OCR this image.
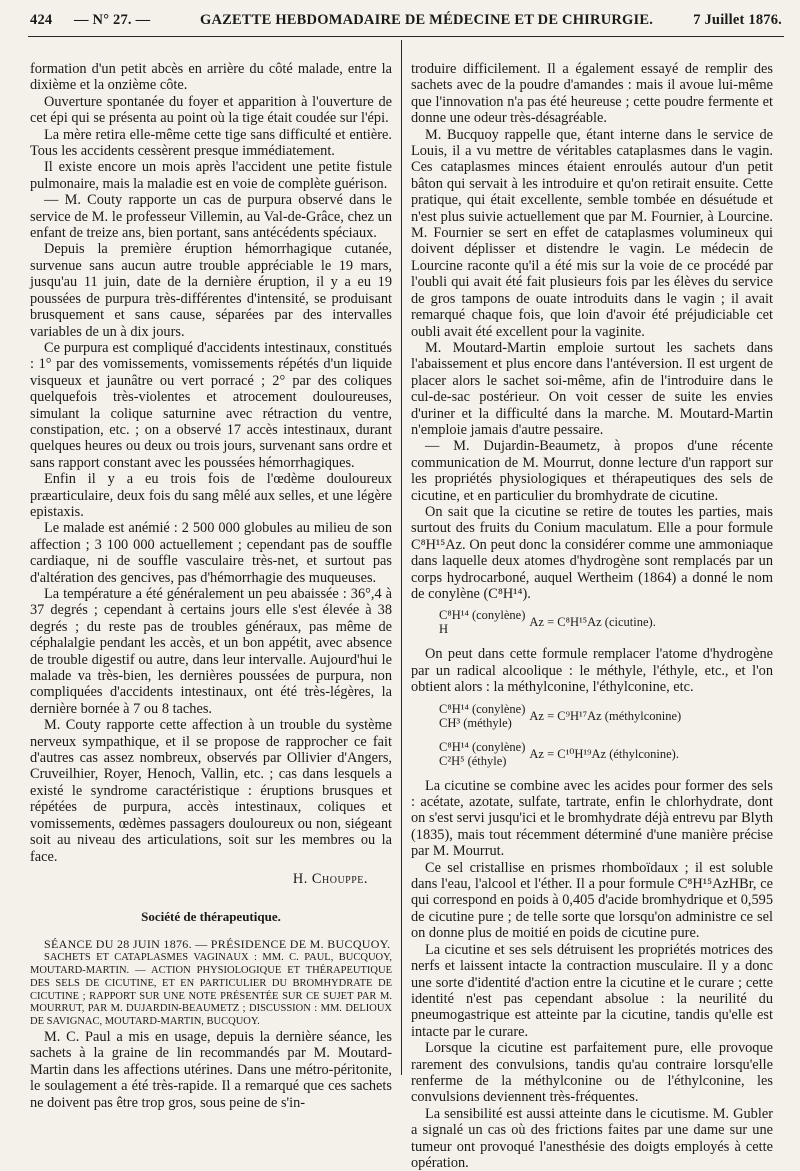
424 — N° 27. —	GAZETTE HEBDOMADAIRE DE MÉDECINE ET DE CHIRURGIE.	7 Juillet 1876.

formation d'un petit abcès en arrière du côté malade, entre la dixième et la onzième côte.

Ouverture spontanée du foyer et apparition à l'ouverture de cet épi qui se présenta au point où la tige était coudée sur l'épi.

La mère retira elle-même cette tige sans difficulté et entière. Tous les accidents cessèrent presque immédiatement.

Il existe encore un mois après l'accident une petite fistule pulmonaire, mais la maladie est en voie de complète guérison.

— M. Couty rapporte un cas de purpura observé dans le service de M. le professeur Villemin, au Val-de-Grâce, chez un enfant de treize ans, bien portant, sans antécédents spéciaux.

Depuis la première éruption hémorrhagique cutanée, survenue sans aucun autre trouble appréciable le 19 mars, jusqu'au 11 juin, date de la dernière éruption, il y a eu 19 poussées de purpura très-différentes d'intensité, se produisant brusquement et sans cause, séparées par des intervalles variables de un à dix jours.

Ce purpura est compliqué d'accidents intestinaux, constitués : 1° par des vomissements, vomissements répétés d'un liquide visqueux et jaunâtre ou vert porracé ; 2° par des coliques quelquefois très-violentes et atrocement douloureuses, simulant la colique saturnine avec rétraction du ventre, constipation, etc. ; on a observé 17 accès intestinaux, durant quelques heures ou deux ou trois jours, survenant sans ordre et sans rapport constant avec les poussées hémorrhagiques.

Enfin il y a eu trois fois de l'œdème douloureux præarticulaire, deux fois du sang mêlé aux selles, et une légère epistaxis.

Le malade est anémié : 2 500 000 globules au milieu de son affection ; 3 100 000 actuellement ; cependant pas de souffle cardiaque, ni de souffle vasculaire très-net, et surtout pas d'altération des gencives, pas d'hémorrhagie des muqueuses.

La température a été généralement un peu abaissée : 36°,4 à 37 degrés ; cependant à certains jours elle s'est élevée à 38 degrés ; du reste pas de troubles généraux, pas même de céphalalgie pendant les accès, et un bon appétit, avec absence de trouble digestif ou autre, dans leur intervalle. Aujourd'hui le malade va très-bien, les dernières poussées de purpura, non compliquées d'accidents intestinaux, ont été très-légères, la dernière bornée à 7 ou 8 taches.

M. Couty rapporte cette affection à un trouble du système nerveux sympathique, et il se propose de rapprocher ce fait d'autres cas assez nombreux, observés par Ollivier d'Angers, Cruveilhier, Royer, Henoch, Vallin, etc. ; cas dans lesquels a existé le syndrome caractéristique : éruptions brusques et répétées de purpura, accès intestinaux, coliques et vomissements, œdèmes passagers douloureux ou non, siégeant soit au niveau des articulations, soit sur les membres ou la face.

H. Chouppe.
Société de thérapeutique.

SÉANCE DU 28 JUIN 1876. — PRÉSIDENCE DE M. BUCQUOY.

SACHETS ET CATAPLASMES VAGINAUX : MM. C. PAUL, BUCQUOY, MOUTARD-MARTIN. — ACTION PHYSIOLOGIQUE ET THÉRAPEUTIQUE DES SELS DE CICUTINE, ET EN PARTICULIER DU BROMHYDRATE DE CICUTINE ; RAPPORT SUR UNE NOTE PRÉSENTÉE SUR CE SUJET PAR M. MOURRUT, PAR M. DUJARDIN-BEAUMETZ ; DISCUSSION : MM. DELIOUX DE SAVIGNAC, MOUTARD-MARTIN, BUCQUOY.

M. C. Paul a mis en usage, depuis la dernière séance, les sachets à la graine de lin recommandés par M. Moutard-Martin dans les affections utérines. Dans une métro-péritonite, le soulagement a été très-rapide. Il a remarqué que ces sachets ne doivent pas être trop gros, sous peine de s'in-

troduire difficilement. Il a également essayé de remplir des sachets avec de la poudre d'amandes : mais il avoue lui-même que l'innovation n'a pas été heureuse ; cette poudre fermente et donne une odeur très-désagréable.

M. Bucquoy rappelle que, étant interne dans le service de Louis, il a vu mettre de véritables cataplasmes dans le vagin. Ces cataplasmes minces étaient enroulés autour d'un petit bâton qui servait à les introduire et qu'on retirait ensuite. Cette pratique, qui était excellente, semble tombée en désuétude et n'est plus suivie actuellement que par M. Fournier, à Lourcine. M. Fournier se sert en effet de cataplasmes volumineux qui doivent déplisser et distendre le vagin. Le médecin de Lourcine raconte qu'il a été mis sur la voie de ce procédé par l'oubli qui avait été fait plusieurs fois par les élèves du service de gros tampons de ouate introduits dans le vagin ; il avait remarqué chaque fois, que loin d'avoir été préjudiciable cet oubli avait été excellent pour la vaginite.

M. Moutard-Martin emploie surtout les sachets dans l'abaissement et plus encore dans l'antéversion. Il est urgent de placer alors le sachet soi-même, afin de l'introduire dans le cul-de-sac postérieur. On voit cesser de suite les envies d'uriner et la difficulté dans la marche. M. Moutard-Martin n'emploie jamais d'autre pessaire.

— M. Dujardin-Beaumetz, à propos d'une récente communication de M. Mourrut, donne lecture d'un rapport sur les propriétés physiologiques et thérapeutiques des sels de cicutine, et en particulier du bromhydrate de cicutine.

On sait que la cicutine se retire de toutes les parties, mais surtout des fruits du Conium maculatum. Elle a pour formule C⁸H¹⁵Az. On peut donc la considérer comme une ammoniaque dans laquelle deux atomes d'hydrogène sont remplacés par un corps hydrocarboné, auquel Wertheim (1864) a donné le nom de conylène (C⁸H¹⁴).

C⁸H¹⁴ (conylène)
H	Az = C⁸H¹⁵Az (cicutine).

On peut dans cette formule remplacer l'atome d'hydrogène par un radical alcoolique : le méthyle, l'éthyle, etc., et l'on obtient alors : la méthylconine, l'éthylconine, etc.

C⁸H¹⁴ (conylène)
CH³ (méthyle) Az = C⁹H¹⁷Az (méthylconine)
C⁸H¹⁴ (conylène)
C²H⁵ (éthyle) Az = C¹⁰H¹⁹Az (éthylconine).

La cicutine se combine avec les acides pour former des sels : acétate, azotate, sulfate, tartrate, enfin le chlorhydrate, dont on s'est servi jusqu'ici et le bromhydrate déjà entrevu par Blyth (1835), mais tout récemment déterminé d'une manière précise par M. Mourrut.

Ce sel cristallise en prismes rhomboïdaux ; il est soluble dans l'eau, l'alcool et l'éther. Il a pour formule C⁸H¹⁵AzHBr, ce qui correspond en poids à 0,405 d'acide bromhydrique et 0,595 de cicutine pure ; de telle sorte que lorsqu'on administre ce sel on donne plus de moitié en poids de cicutine pure.

La cicutine et ses sels détruisent les propriétés motrices des nerfs et laissent intacte la contraction musculaire. Il y a donc une sorte d'identité d'action entre la cicutine et le curare ; cette identité n'est pas cependant absolue : la neurilité du pneumogastrique est atteinte par la cicutine, tandis qu'elle est intacte par le curare.

Lorsque la cicutine est parfaitement pure, elle provoque rarement des convulsions, tandis qu'au contraire lorsqu'elle renferme de la méthylconine ou de l'éthylconine, les convulsions deviennent très-fréquentes.

La sensibilité est aussi atteinte dans le cicutisme. M. Gubler a signalé un cas où des frictions faites par une dame sur une tumeur ont provoqué l'anesthésie des doigts employés à cette opération.
